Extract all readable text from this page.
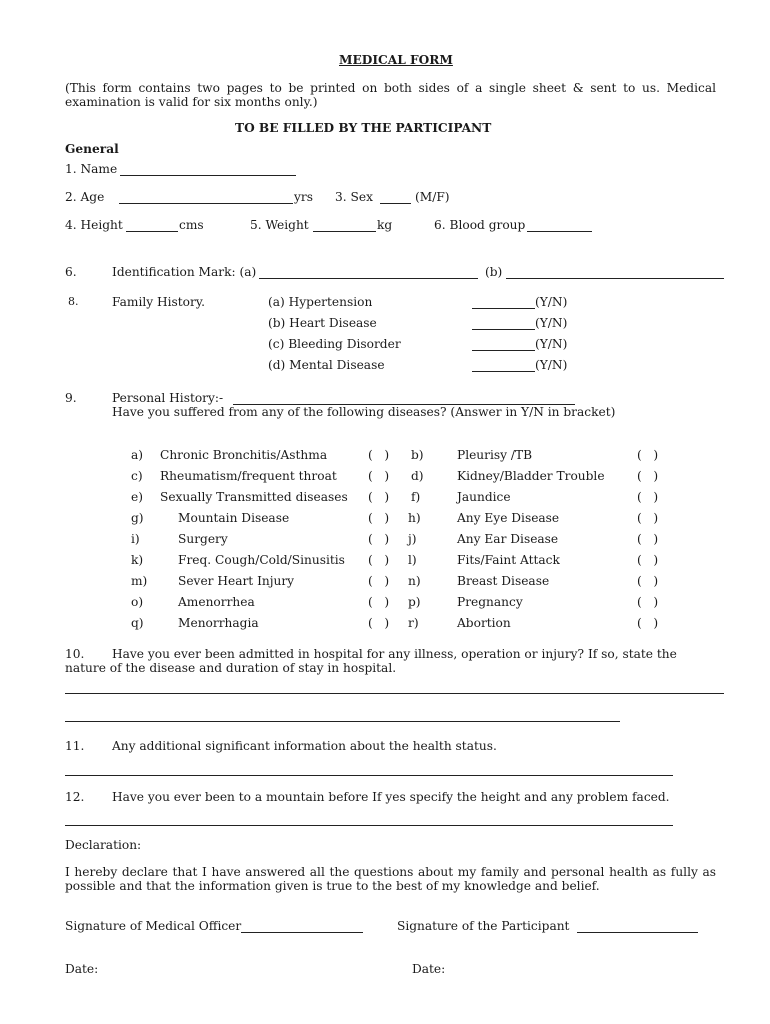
MEDICAL FORM
(This form contains two pages to be printed on both sides of a single sheet & sent to us. Medical
examination is valid for six months only.)
TO BE FILLED BY THE PARTICIPANT
General
1. Name
2. Age	yrs 3. Sex	(M/F)
4. Height	cms	5. Weight	kg	6. Blood group
6.	Identification Mark: (a)	(b)
8.	Family History.	(a) Hypertension	(Y/N)
(b) Heart Disease	(Y/N)
(c) Bleeding Disorder	(Y/N)
(d) Mental Disease	(Y/N)
9.	Personal History:-
Have you suffered from any of the following diseases? (Answer in Y/N in bracket)
a) Chronic Bronchitis/Asthma	(   ) b)	Pleurisy /TB	(   )
c) Rheumatism/frequent throat	(   ) d)	Kidney/Bladder Trouble	(   )
e) Sexually Transmitted diseases (   ) f)	Jaundice	(   )
g)	Mountain Disease	(   ) h)	Any Eye Disease	(   )
i)	Surgery	(   ) j)	Any Ear Disease	(   )
k)	Freq. Cough/Cold/Sinusitis (   ) l)	Fits/Faint Attack	(   )
m)	Sever Heart Injury	(   ) n)	Breast Disease	(   )
o)	Amenorrhea	(   ) p)	Pregnancy	(   )
q)	Menorrhagia	(   ) r)	Abortion	(   )
10. Have you ever been admitted in hospital for any illness, operation or injury? If so, state the
nature of the disease and duration of stay in hospital.
11. Any additional significant information about the health status.
12. Have you ever been to a mountain before If yes specify the height and any problem faced.
Declaration:
I hereby declare that I have answered all the questions about my family and personal health as fully as
possible and that the information given is true to the best of my knowledge and belief.
Signature of Medical Officer	Signature of the Participant
Date:	Date:
